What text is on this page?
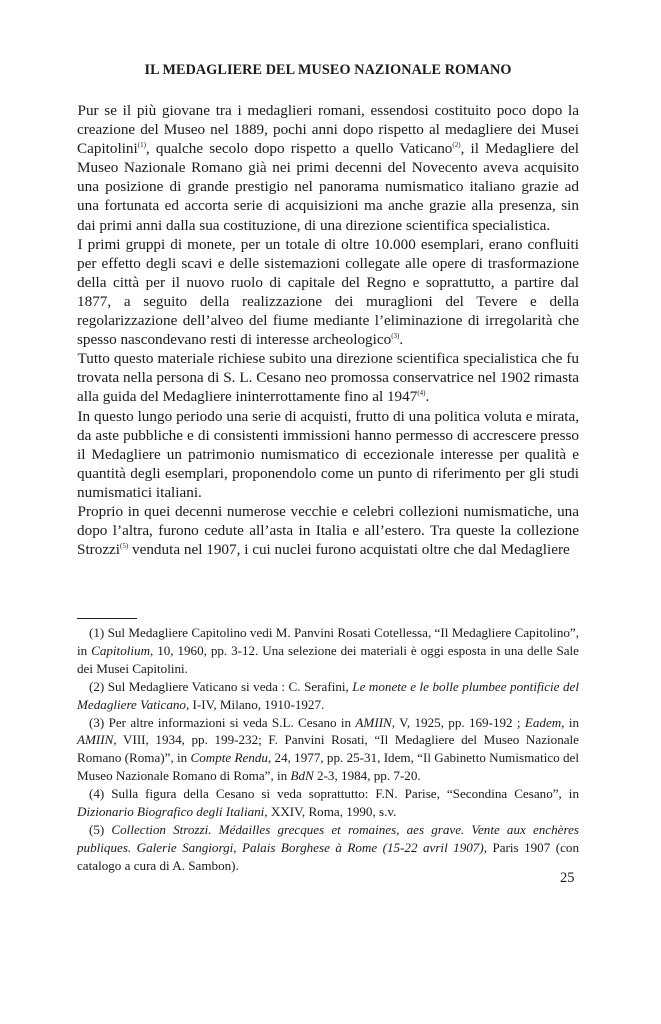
IL MEDAGLIERE DEL MUSEO NAZIONALE ROMANO

Pur se il più giovane tra i medaglieri romani, essendosi costituito poco dopo la creazione del Museo nel 1889, pochi anni dopo rispetto al medagliere dei Musei Capitolini$^{(1)}$, qualche secolo dopo rispetto a quello Vaticano$^{(2)}$, il Medagliere del Museo Nazionale Romano già nei primi decenni del Novecento aveva acquisito una posizione di grande prestigio nel panorama numismatico italiano grazie ad una fortunata ed accorta serie di acquisizioni ma anche grazie alla presenza, sin dai primi anni dalla sua costituzione, di una direzione scientifica specialistica.

I primi gruppi di monete, per un totale di oltre 10.000 esemplari, erano confluiti per effetto degli scavi e delle sistemazioni collegate alle opere di trasformazione della città per il nuovo ruolo di capitale del Regno e soprattutto, a partire dal 1877, a seguito della realizzazione dei muraglioni del Tevere e della regolarizzazione dell’alveo del fiume mediante l’eliminazione di irregolarità che spesso nascondevano resti di interesse archeologico$^{(3)}$.

Tutto questo materiale richiese subito una direzione scientifica specialistica che fu trovata nella persona di S. L. Cesano neo promossa conservatrice nel 1902 rimasta alla guida del Medagliere ininterrottamente fino al 1947$^{(4)}$.

In questo lungo periodo una serie di acquisti, frutto di una politica voluta e mirata, da aste pubbliche e di consistenti immissioni hanno permesso di accrescere presso il Medagliere un patrimonio numismatico di eccezionale interesse per qualità e quantità degli esemplari, proponendolo come un punto di riferimento per gli studi numismatici italiani.

Proprio in quei decenni numerose vecchie e celebri collezioni numismatiche, una dopo l’altra, furono cedute all’asta in Italia e all’estero. Tra queste la collezione Strozzi$^{(5)}$ venduta nel 1907, i cui nuclei furono acquistati oltre che dal Medagliere

(1) Sul Medagliere Capitolino vedi M. Panvini Rosati Cotellessa, “Il Medagliere Capitolino”, in Capitolium, 10, 1960, pp. 3-12. Una selezione dei materiali è oggi esposta in una delle Sale dei Musei Capitolini.

(2) Sul Medagliere Vaticano si veda : C. Serafini, Le monete e le bolle plumbee pontificie del Medagliere Vaticano, I-IV, Milano, 1910-1927.

(3) Per altre informazioni si veda S.L. Cesano in AMIIN, V, 1925, pp. 169-192 ; Eadem, in AMIIN, VIII, 1934, pp. 199-232; F. Panvini Rosati, “Il Medagliere del Museo Nazionale Romano (Roma)”, in Compte Rendu, 24, 1977, pp. 25-31, Idem, “Il Gabinetto Numismatico del Museo Nazionale Romano di Roma”, in BdN 2-3, 1984, pp. 7-20.

(4) Sulla figura della Cesano si veda soprattutto: F.N. Parise, “Secondina Cesano”, in Dizionario Biografico degli Italiani, XXIV, Roma, 1990, s.v.

(5) Collection Strozzi. Médailles grecques et romaines, aes grave. Vente aux enchères publiques. Galerie Sangiorgi, Palais Borghese à Rome (15-22 avril 1907), Paris 1907 (con catalogo a cura di A. Sambon).

25
